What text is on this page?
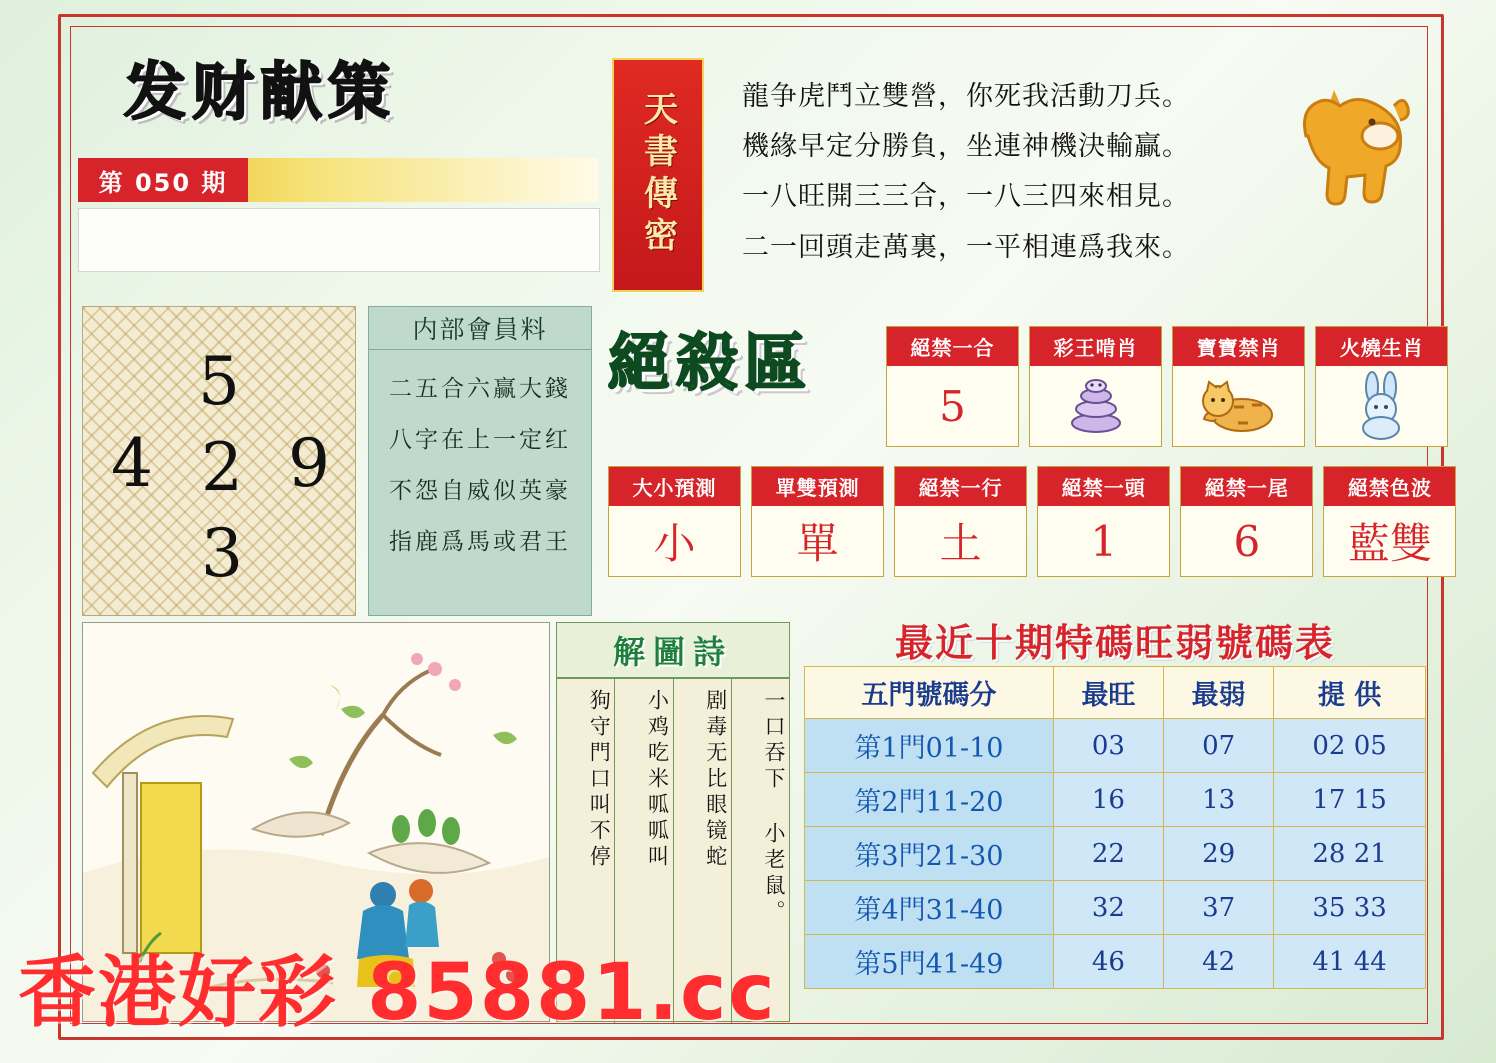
发财献策
第 050 期	天書傳密 龍争虎鬥立雙營，你死我活動刀兵。
機緣早定分勝負，坐連神機決輸贏。
一八旺開三三合，一八三四來相見。
二一回頭走萬裏，一平相連爲我來。
5
4 2 9
3
内部會員料
二五合六赢大錢
八字在上一定红
不怨自威似英豪
指鹿爲馬或君王
絕殺區	絕禁一合
5

彩王啃肖
	寶寶禁肖
	火燒生肖
大小預測
小

單雙預測
單

絕禁一行
土

絕禁一頭
1

絕禁一尾
6

絕禁色波
藍雙
解圖詩
一口吞下 小老鼠。
剧毒无比眼镜蛇
小鸡吃米呱呱叫
狗守門口叫不停
最近十期特碼旺弱號碼表
五門號碼分	最旺	最弱	提 供
第1門01-10	03	07	02 05
第2門11-20	16	13	17 15
第3門21-30	22	29	28 21
第4門31-40	32	37	35 33
第5門41-49	46	42	41 44
香港好彩 85881.cc
